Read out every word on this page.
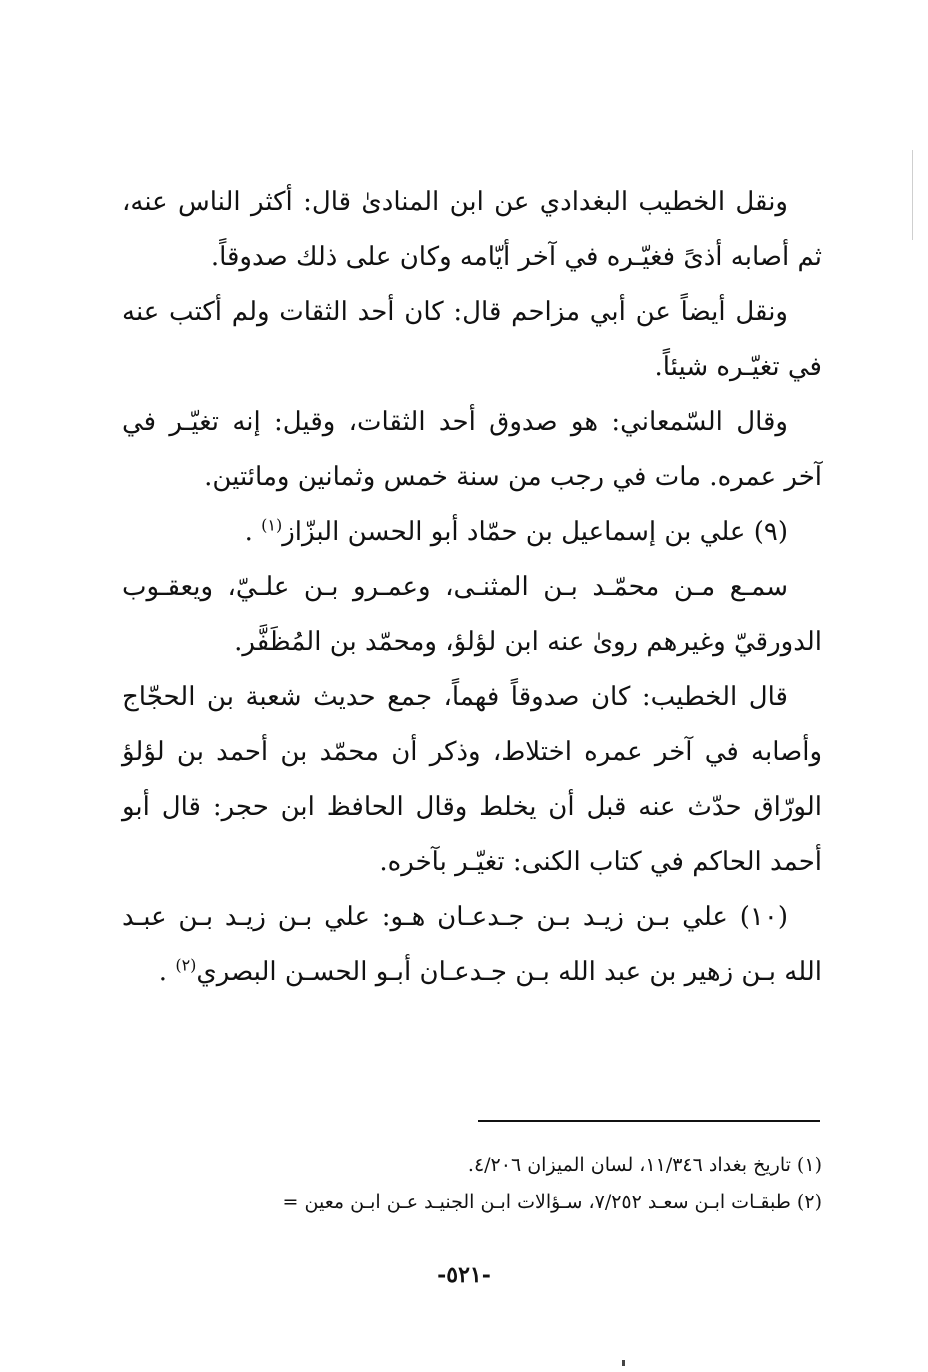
ونقل الخطيب البغدادي عن ابن المنادىٰ قال: أكثر الناس عنه، ثم أصابه أذىً فغيّـره في آخر أيّامه وكان على ذلك صدوقاً.

ونقل أيضاً عن أبي مزاحم قال: كان أحد الثقات ولم أكتب عنه في تغيّـره شيئاً.

وقال السّمعاني: هو صدوق أحد الثقات، وقيل: إنه تغيّـر في آخر عمره. مات في رجب من سنة خمس وثمانين ومائتين.

(٩) علي بن إسماعيل بن حمّاد أبو الحسن البزّاز$^{(١)}$ .

سمـع مـن محمّـد بـن المثنـى، وعمـرو بـن علـيّ، ويعقـوب الدورقيّ وغيرهم روىٰ عنه ابن لؤلؤ، ومحمّد بن المُظَفَّر.

قال الخطيب: كان صدوقاً فهماً، جمع حديث شعبة بن الحجّاج وأصابه في آخر عمره اختلاط، وذكر أن محمّد بن أحمد بن لؤلؤ الورّاق حدّث عنه قبل أن يخلط وقال الحافظ ابن حجر: قال أبو أحمد الحاكم في كتاب الكنى: تغيّـر بآخره.

(١٠) علي بـن زيـد بـن جـدعـان هـو: علي بـن زيـد بـن عبـد الله بـن زهير بن عبد الله بـن جـدعـان أبـو الحسـن البصري$^{(٢)}$ .

(١) تاريخ بغداد ١١/٣٤٦، لسان الميزان ٤/٢٠٦.

(٢) طبقـات ابـن سعـد ٧/٢٥٢، سـؤالات ابـن الجنيـد عـن ابـن معين =

-٥٢١-
